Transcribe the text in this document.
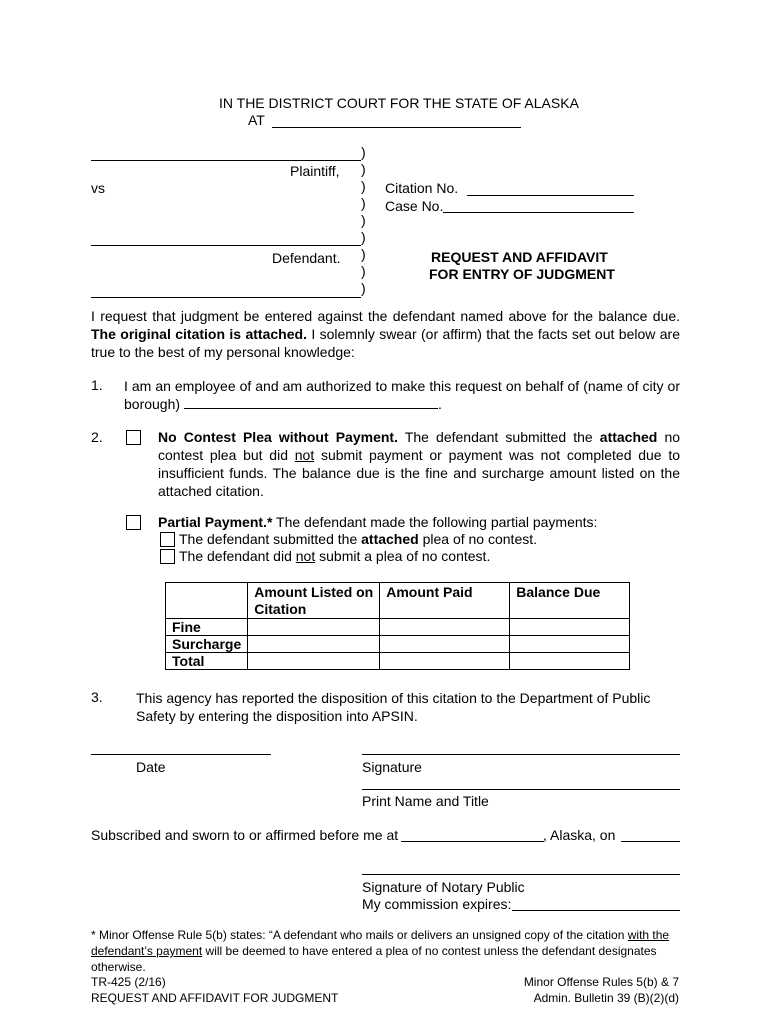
IN THE DISTRICT COURT FOR THE STATE OF ALASKA
AT
Plaintiff,
vs
Defendant.
)
)
)
)
)
)
)
)
)
Citation No.
Case No.
REQUEST AND AFFIDAVIT
FOR ENTRY OF JUDGMENT
I request that judgment be entered against the defendant named above for the balance due. The original citation is attached. I solemnly swear (or affirm) that the facts set out below are true to the best of my personal knowledge:
1. I am an employee of and am authorized to make this request on behalf of (name of city or borough)	.
2.	No Contest Plea without Payment. The defendant submitted the attached no contest plea but did not submit payment or payment was not completed due to insufficient funds. The balance due is the fine and surcharge amount listed on the attached citation.
Partial Payment.* The defendant made the following partial payments:
The defendant submitted the attached plea of no contest.
The defendant did not submit a plea of no contest.
	Amount Listed on Citation	Amount Paid	Balance Due
Fine			
Surcharge			
Total			
3. This agency has reported the disposition of this citation to the Department of Public Safety by entering the disposition into APSIN.
Date	Signature
Print Name and Title
Subscribed and sworn to or affirmed before me at	, Alaska, on
Signature of Notary Public
My commission expires:
* Minor Offense Rule 5(b) states: “A defendant who mails or delivers an unsigned copy of the citation with the defendant’s payment will be deemed to have entered a plea of no contest unless the defendant designates otherwise.
TR-425 (2/16)
REQUEST AND AFFIDAVIT FOR JUDGMENT
Minor Offense Rules 5(b) & 7
Admin. Bulletin 39 (B)(2)(d)
